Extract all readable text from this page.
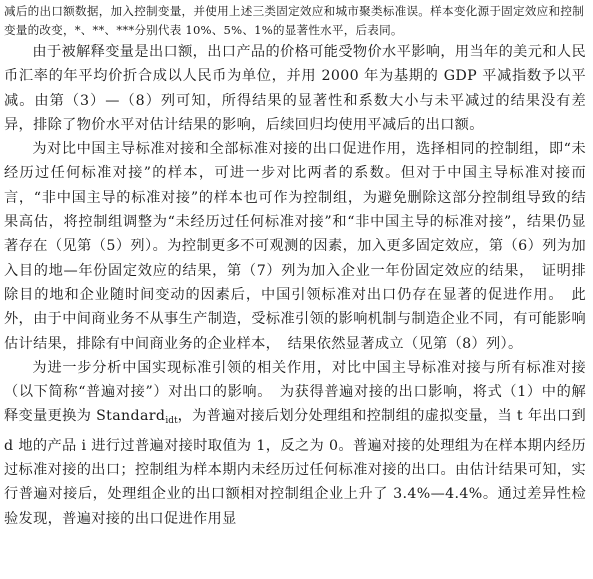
减后的出口额数据，加入控制变量，并使用上述三类固定效应和城市聚类标准误。样本变化源于固定效应和控制变量的改变，*、**、***分别代表 10%、5%、1%的显著性水平，后表同。

由于被解释变量是出口额，出口产品的价格可能受物价水平影响，用当年的美元和人民币汇率的年平均价折合成以人民币为单位，并用 2000 年为基期的 GDP 平减指数予以平减。由第（3）—（8）列可知，所得结果的显著性和系数大小与未平减过的结果没有差异，排除了物价水平对估计结果的影响，后续回归均使用平减后的出口额。

为对比中国主导标准对接和全部标准对接的出口促进作用，选择相同的控制组，即“未经历过任何标准对接”的样本，可进一步对比两者的系数。但对于中国主导标准对接而言，“非中国主导的标准对接”的样本也可作为控制组，为避免删除这部分控制组导致的结果高估，将控制组调整为“未经历过任何标准对接”和“非中国主导的标准对接”，结果仍显著存在（见第（5）列）。为控制更多不可观测的因素，加入更多固定效应，第（6）列为加入目的地—年份固定效应的结果，第（7）列为加入企业一年份固定效应的结果，　证明排除目的地和企业随时间变动的因素后，中国引领标准对出口仍存在显著的促进作用。　此外，由于中间商业务不从事生产制造，受标准引领的影响机制与制造企业不同，有可能影响估计结果，排除有中间商业务的企业样本，　结果依然显著成立（见第（8）列）。

为进一步分析中国实现标准引领的相关作用，对比中国主导标准对接与所有标准对接（以下简称“普遍对接”）对出口的影响。　为获得普遍对接的出口影响，将式（1）中的解释变量更换为 Standard$_{idt}$，为普遍对接后划分处理组和控制组的虚拟变量，当 t 年出口到 d 地的产品 i 进行过普遍对接时取值为 1，反之为 0。普遍对接的处理组为在样本期内经历过标准对接的出口；控制组为样本期内未经历过任何标准对接的出口。由估计结果可知，实行普遍对接后，处理组企业的出口额相对控制组企业上升了 3.4%—4.4%。通过差异性检验发现，普遍对接的出口促进作用显
